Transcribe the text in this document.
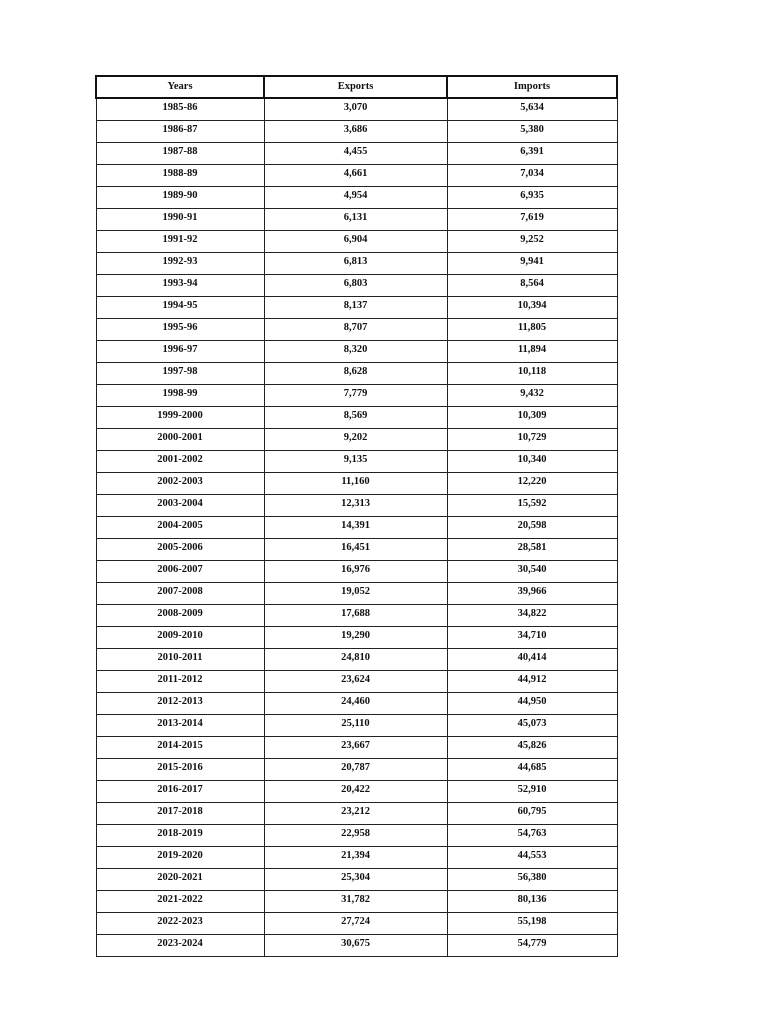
Years	Exports	Imports
1985-86	3,070	5,634
1986-87	3,686	5,380
1987-88	4,455	6,391
1988-89	4,661	7,034
1989-90	4,954	6,935
1990-91	6,131	7,619
1991-92	6,904	9,252
1992-93	6,813	9,941
1993-94	6,803	8,564
1994-95	8,137	10,394
1995-96	8,707	11,805
1996-97	8,320	11,894
1997-98	8,628	10,118
1998-99	7,779	9,432
1999-2000	8,569	10,309
2000-2001	9,202	10,729
2001-2002	9,135	10,340
2002-2003	11,160	12,220
2003-2004	12,313	15,592
2004-2005	14,391	20,598
2005-2006	16,451	28,581
2006-2007	16,976	30,540
2007-2008	19,052	39,966
2008-2009	17,688	34,822
2009-2010	19,290	34,710
2010-2011	24,810	40,414
2011-2012	23,624	44,912
2012-2013	24,460	44,950
2013-2014	25,110	45,073
2014-2015	23,667	45,826
2015-2016	20,787	44,685
2016-2017	20,422	52,910
2017-2018	23,212	60,795
2018-2019	22,958	54,763
2019-2020	21,394	44,553
2020-2021	25,304	56,380
2021-2022	31,782	80,136
2022-2023	27,724	55,198
2023-2024	30,675	54,779
